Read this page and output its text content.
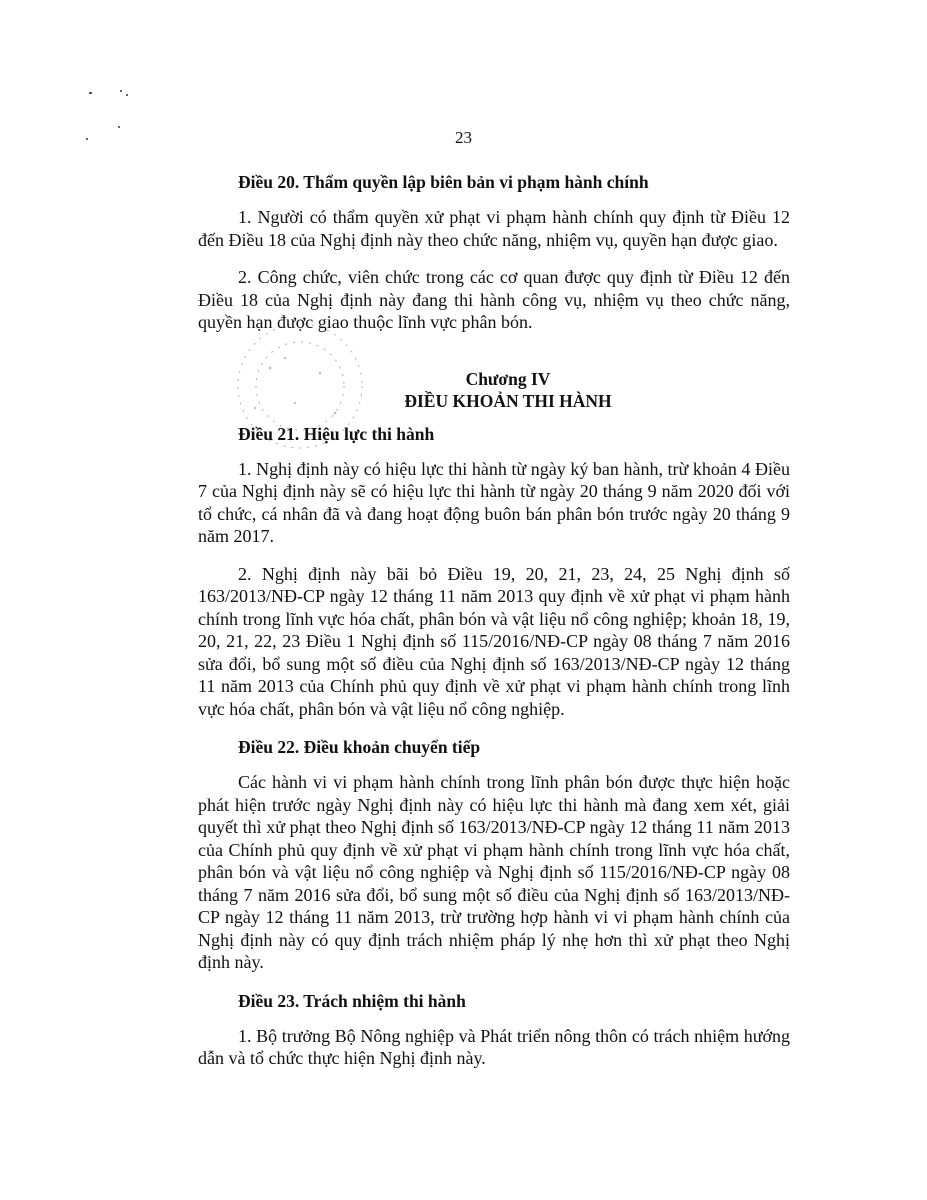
23
Điều 20. Thẩm quyền lập biên bản vi phạm hành chính

1. Người có thẩm quyền xử phạt vi phạm hành chính quy định từ Điều 12 đến Điều 18 của Nghị định này theo chức năng, nhiệm vụ, quyền hạn được giao.

2. Công chức, viên chức trong các cơ quan được quy định từ Điều 12 đến Điều 18 của Nghị định này đang thi hành công vụ, nhiệm vụ theo chức năng, quyền hạn được giao thuộc lĩnh vực phân bón.

Chương IV
ĐIỀU KHOẢN THI HÀNH
Điều 21. Hiệu lực thi hành

1. Nghị định này có hiệu lực thi hành từ ngày ký ban hành, trừ khoản 4 Điều 7 của Nghị định này sẽ có hiệu lực thi hành từ ngày 20 tháng 9 năm 2020 đối với tổ chức, cá nhân đã và đang hoạt động buôn bán phân bón trước ngày 20 tháng 9 năm 2017.

2. Nghị định này bãi bỏ Điều 19, 20, 21, 23, 24, 25 Nghị định số 163/2013/NĐ-CP ngày 12 tháng 11 năm 2013 quy định về xử phạt vi phạm hành chính trong lĩnh vực hóa chất, phân bón và vật liệu nổ công nghiệp; khoản 18, 19, 20, 21, 22, 23 Điều 1 Nghị định số 115/2016/NĐ-CP ngày 08 tháng 7 năm 2016 sửa đổi, bổ sung một số điều của Nghị định số 163/2013/NĐ-CP ngày 12 tháng 11 năm 2013 của Chính phủ quy định về xử phạt vi phạm hành chính trong lĩnh vực hóa chất, phân bón và vật liệu nổ công nghiệp.

Điều 22. Điều khoản chuyển tiếp

Các hành vi vi phạm hành chính trong lĩnh phân bón được thực hiện hoặc phát hiện trước ngày Nghị định này có hiệu lực thi hành mà đang xem xét, giải quyết thì xử phạt theo Nghị định số 163/2013/NĐ-CP ngày 12 tháng 11 năm 2013 của Chính phủ quy định về xử phạt vi phạm hành chính trong lĩnh vực hóa chất, phân bón và vật liệu nổ công nghiệp và Nghị định số 115/2016/NĐ-CP ngày 08 tháng 7 năm 2016 sửa đổi, bổ sung một số điều của Nghị định số 163/2013/NĐ-CP ngày 12 tháng 11 năm 2013, trừ trường hợp hành vi vi phạm hành chính của Nghị định này có quy định trách nhiệm pháp lý nhẹ hơn thì xử phạt theo Nghị định này.

Điều 23. Trách nhiệm thi hành

1. Bộ trưởng Bộ Nông nghiệp và Phát triển nông thôn có trách nhiệm hướng dẫn và tổ chức thực hiện Nghị định này.
